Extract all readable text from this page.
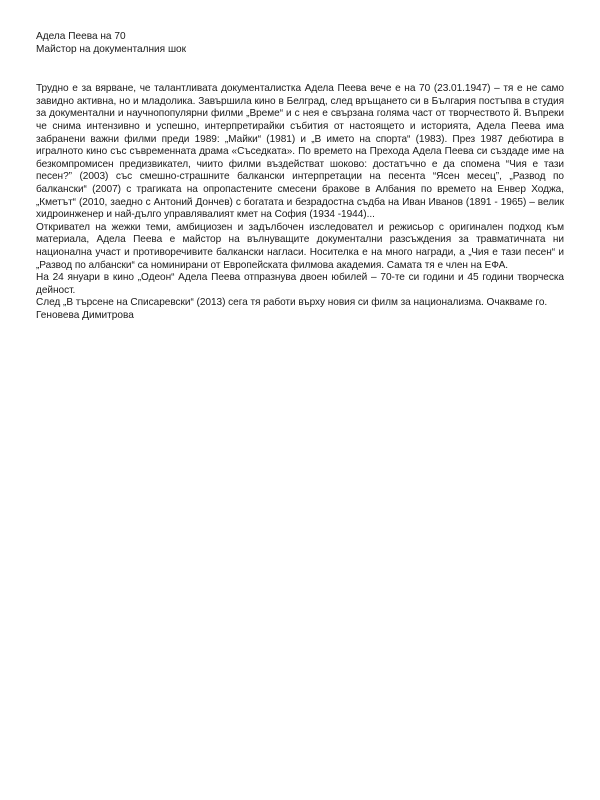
Адела Пеева на 70
Майстор на документалния шок

Трудно е за вярване, че талантливата документалистка Адела Пеева вече е на 70 (23.01.1947) – тя е не само завидно активна, но и младолика. Завършила кино в Белград, след връщането си в България постъпва в студия за документални и научнопопулярни филми „Време“ и с нея е свързана голяма част от творчеството й. Въпреки че снима интензивно и успешно, интерпретирайки събития от настоящето и историята, Адела Пеева има забранени важни филми преди 1989: „Майки“ (1981) и „В името на спорта“ (1983). През 1987 дебютира в игралното кино със съвременната драма «Съседката». По времето на Прехода Адела Пеева си създаде име на безкомпромисен предизвикател, чиито филми въздействат шоково: достатъчно е да спомена “Чия е тази песен?” (2003) със смешно-страшните балкански интерпретации на песента “Ясен месец”, „Развод по балкански“ (2007) с трагиката на опропастените смесени бракове в Албания по времето на Енвер Ходжа, „Кметът“ (2010, заедно с Антоний Дончев) с богатата и безрадостна съдба на Иван Иванов (1891 - 1965) – велик хидроинженер и най-дълго управлявалият кмет на София (1934 -1944)...

Откривател на жежки теми, амбициозен и задълбочен изследовател и режисьор с оригинален подход към материала, Адела Пеева е майстор на вълнуващите документални разсъждения за травматичната ни национална участ и противоречивите балкански нагласи. Носителка е на много награди, а „Чия е тази песен“ и „Развод по албански“ са номинирани от Европейската филмова академия. Самата тя е член на ЕФА.

На 24 януари в кино „Одеон“ Адела Пеева отпразнува двоен юбилей – 70-те си години и 45 години творческа дейност.

След „В търсене на Списаревски“ (2013) сега тя работи върху новия си филм за национализма. Очакваме го.

Геновева Димитрова
